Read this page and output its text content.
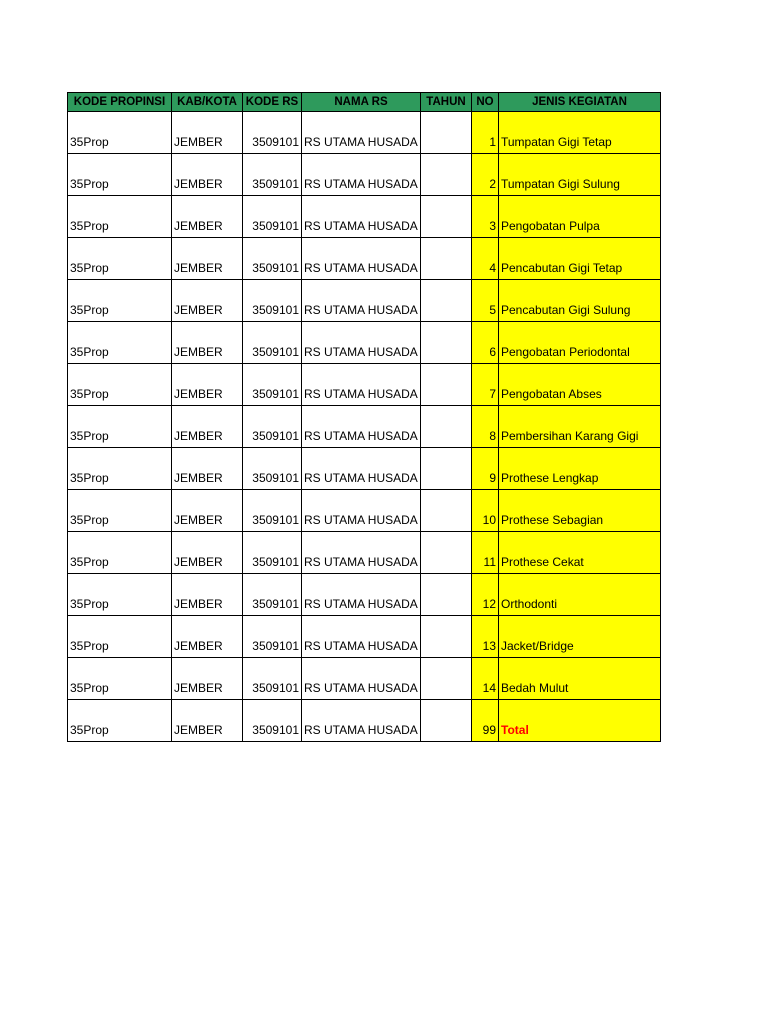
KODE PROPINSI	KAB/KOTA	KODE RS	NAMA RS	TAHUN	NO	JENIS KEGIATAN
35Prop	JEMBER	3509101	RS UTAMA HUSADA		1	Tumpatan Gigi Tetap
35Prop	JEMBER	3509101	RS UTAMA HUSADA		2	Tumpatan Gigi Sulung
35Prop	JEMBER	3509101	RS UTAMA HUSADA		3	Pengobatan Pulpa
35Prop	JEMBER	3509101	RS UTAMA HUSADA		4	Pencabutan Gigi Tetap
35Prop	JEMBER	3509101	RS UTAMA HUSADA		5	Pencabutan Gigi Sulung
35Prop	JEMBER	3509101	RS UTAMA HUSADA		6	Pengobatan Periodontal
35Prop	JEMBER	3509101	RS UTAMA HUSADA		7	Pengobatan Abses
35Prop	JEMBER	3509101	RS UTAMA HUSADA		8	Pembersihan Karang Gigi
35Prop	JEMBER	3509101	RS UTAMA HUSADA		9	Prothese Lengkap
35Prop	JEMBER	3509101	RS UTAMA HUSADA		10	Prothese Sebagian
35Prop	JEMBER	3509101	RS UTAMA HUSADA		11	Prothese Cekat
35Prop	JEMBER	3509101	RS UTAMA HUSADA		12	Orthodonti
35Prop	JEMBER	3509101	RS UTAMA HUSADA		13	Jacket/Bridge
35Prop	JEMBER	3509101	RS UTAMA HUSADA		14	Bedah Mulut
35Prop	JEMBER	3509101	RS UTAMA HUSADA		99	Total
